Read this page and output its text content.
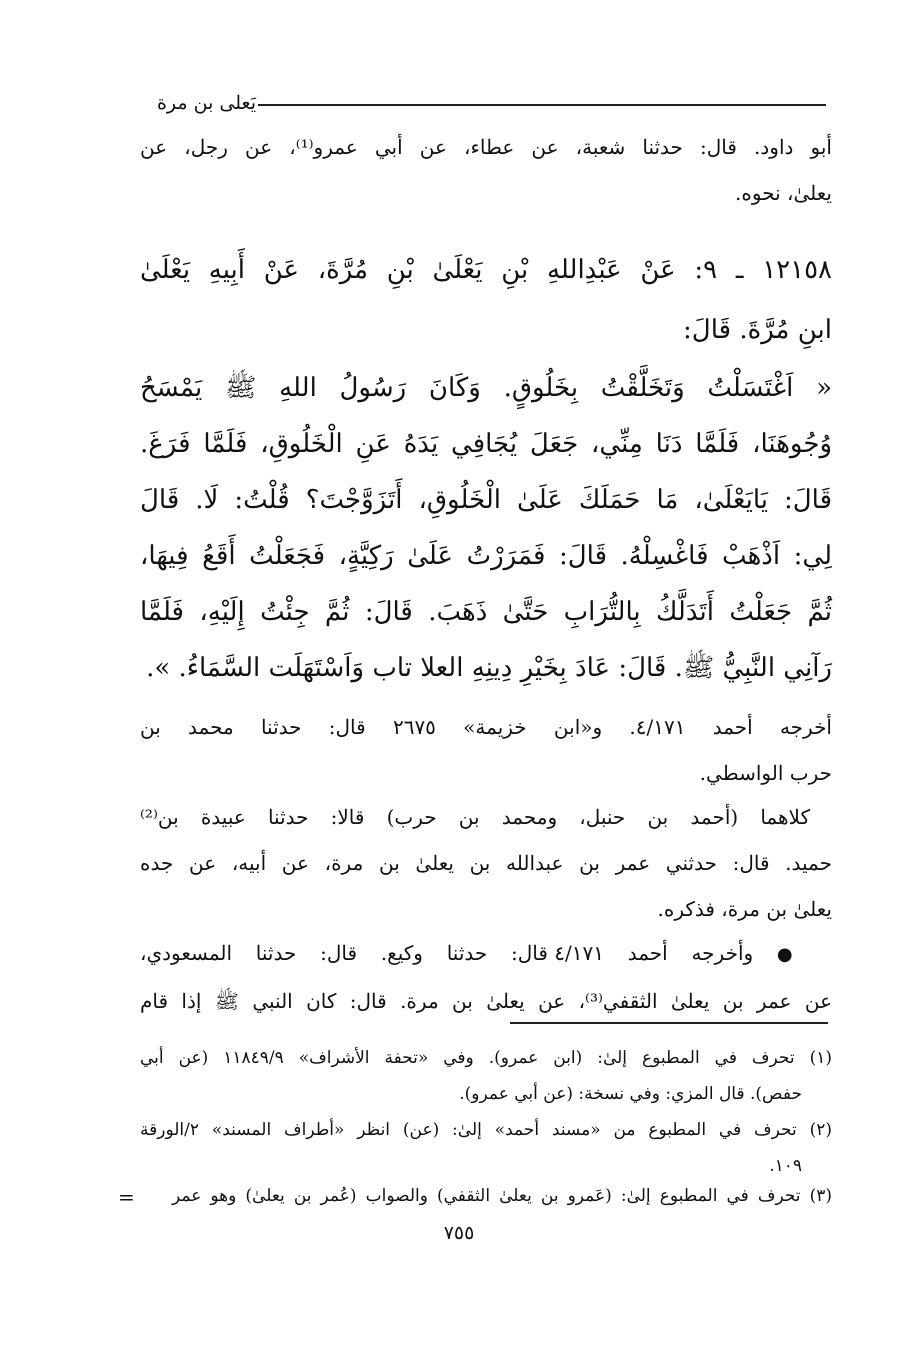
يَعلى بن مرة
أبو داود. قال: حدثنا شعبة، عن عطاء، عن أبي عمرو⁽¹⁾، عن رجل، عن
يعلىٰ، نحوه.
١٢١٥٨ ـ ٩: عَنْ عَبْدِاللهِ بْنِ يَعْلَىٰ بْنِ مُرَّةَ، عَنْ أَبِيهِ يَعْلَىٰ
ابنِ مُرَّةَ. قَالَ:
« اَغْتَسَلْتُ وَتَخَلَّقْتُ بِخَلُوقٍ. وَكَانَ رَسُولُ اللهِ ﷺ يَمْسَحُ
وُجُوهَنَا، فَلَمَّا دَنَا مِنِّي، جَعَلَ يُجَافِي يَدَهُ عَنِ الْخَلُوقِ، فَلَمَّا فَرَغَ.
قَالَ: يَايَعْلَىٰ، مَا حَمَلَكَ عَلَىٰ الْخَلُوقِ، أَتَزَوَّجْتَ؟ قُلْتُ: لَا. قَالَ
لِي: اَذْهَبْ فَاغْسِلْهُ. قَالَ: فَمَرَرْتُ عَلَىٰ رَكِيَّةٍ، فَجَعَلْتُ أَقَعُ فِيهَا،
ثُمَّ جَعَلْتُ أَتَدَلَّكُ بِالتُّرَابِ حَتَّىٰ ذَهَبَ. قَالَ: ثُمَّ جِئْتُ إِلَيْهِ، فَلَمَّا
رَآنِي النَّبِيُّ ﷺ. قَالَ: عَادَ بِخَيْرِ دِينِهِ العلا تاب وَاَسْتَهَلَت السَّمَاءُ. ».
أخرجه أحمد ٤/١٧١. و«ابن خزيمة» ٢٦٧٥ قال: حدثنا محمد بن
حرب الواسطي.
كلاهما (أحمد بن حنبل، ومحمد بن حرب) قالا: حدثنا عبيدة بن⁽²⁾
حميد. قال: حدثني عمر بن عبدالله بن يعلىٰ بن مرة، عن أبيه، عن جده
يعلىٰ بن مرة، فذكره.
● وأخرجه أحمد ٤/١٧١ قال: حدثنا وكيع. قال: حدثنا المسعودي،
عن عمر بن يعلىٰ الثقفي⁽³⁾، عن يعلىٰ بن مرة. قال: كان النبي ﷺ إذا قام
(١) تحرف في المطبوع إلىٰ: (ابن عمرو). وفي «تحفة الأشراف» ١١٨٤٩/٩ (عن أبي
حفص). قال المزي: وفي نسخة: (عن أبي عمرو).
(٢) تحرف في المطبوع من «مسند أحمد» إلىٰ: (عن) انظر «أطراف المسند» ٢/الورقة
١٠٩.
(٣) تحرف في المطبوع إلىٰ: (عَمرو بن يعلىٰ الثقفي) والصواب (عُمر بن يعلىٰ) وهو عمر
=
٧٥٥
